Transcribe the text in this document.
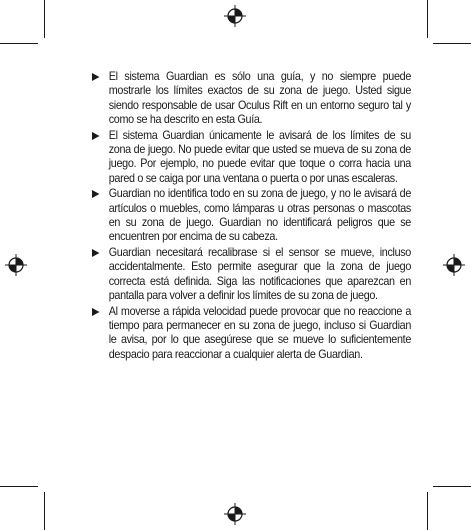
El sistema Guardian es sólo una guía, y no siempre puede mostrarle los límites exactos de su zona de juego. Usted sigue siendo responsable de usar Oculus Rift en un entorno seguro tal y como se ha descrito en esta Guía.
El sistema Guardian únicamente le avisará de los límites de su zona de juego. No puede evitar que usted se mueva de su zona de juego. Por ejemplo, no puede evitar que toque o corra hacia una pared o se caiga por una ventana o puerta o por unas escaleras.
Guardian no identifica todo en su zona de juego, y no le avisará de artículos o muebles, como lámparas u otras personas o mascotas en su zona de juego. Guardian no identificará peligros que se encuentren por encima de su cabeza.
Guardian necesitará recalibrase si el sensor se mueve, incluso accidentalmente. Esto permite asegurar que la zona de juego correcta está definida. Siga las notificaciones que aparezcan en pantalla para volver a definir los límites de su zona de juego.
Al moverse a rápida velocidad puede provocar que no reaccione a tiempo para permanecer en su zona de juego, incluso si Guardian le avisa, por lo que asegúrese que se mueve lo suficientemente despacio para reaccionar a cualquier alerta de Guardian.
